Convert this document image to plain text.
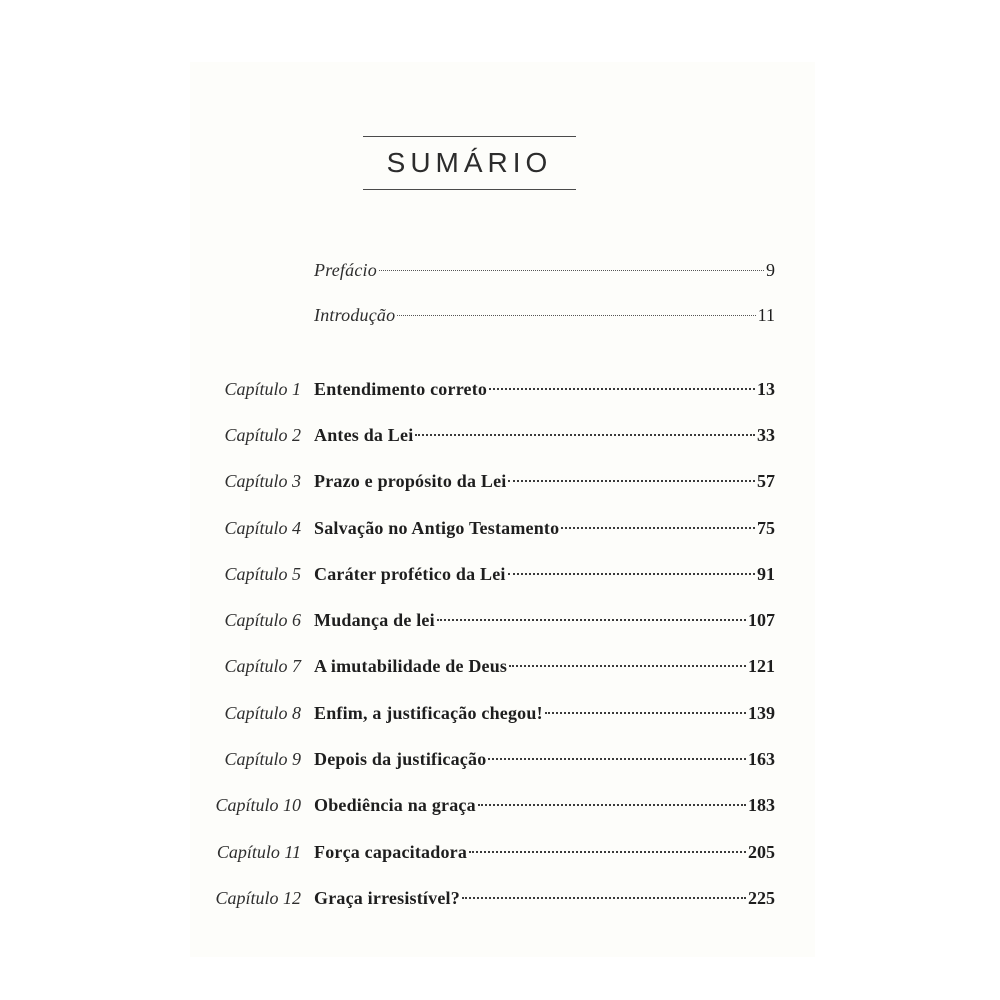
SUMÁRIO
Prefácio	9
Introdução	11
Capítulo 1 Entendimento correto	13
Capítulo 2 Antes da Lei	33
Capítulo 3 Prazo e propósito da Lei	57
Capítulo 4 Salvação no Antigo Testamento	75
Capítulo 5 Caráter profético da Lei	91
Capítulo 6 Mudança de lei	107
Capítulo 7 A imutabilidade de Deus	121
Capítulo 8 Enfim, a justificação chegou!	139
Capítulo 9 Depois da justificação	163
Capítulo 10 Obediência na graça	183
Capítulo 11 Força capacitadora	205
Capítulo 12 Graça irresistível?	225
